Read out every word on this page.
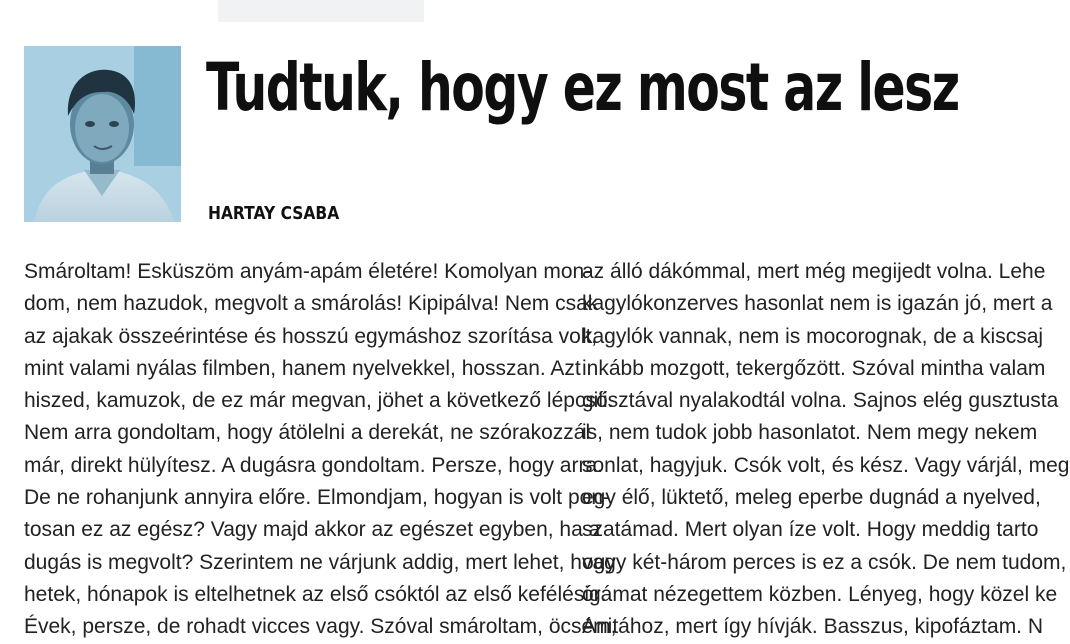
Tudtuk, hogy ez most az lesz
HARTAY CSABA
Smároltam! Esküszöm anyám-apám életére! Komolyan mon-
dom, nem hazudok, megvolt a smárolás! Kipipálva! Nem csak
az ajakak összeérintése és hosszú egymáshoz szorítása volt,
mint valami nyálas filmben, hanem nyelvekkel, hosszan. Azt
hiszed, kamuzok, de ez már megvan, jöhet a következő lépcső.
Nem arra gondoltam, hogy átölelni a derekát, ne szórakozzál
már, direkt hülyítesz. A dugásra gondoltam. Persze, hogy arra.
De ne rohanjunk annyira előre. Elmondjam, hogyan is volt pon-
tosan ez az egész? Vagy majd akkor az egészet egyben, ha a
dugás is megvolt? Szerintem ne várjunk addig, mert lehet, hogy
hetek, hónapok is eltelhetnek az első csóktól az első kefélésig.
Évek, persze, de rohadt vicces vagy. Szóval smároltam, öcsém,
az álló dákómmal, mert még megijedt volna. Lehe
kagylókonzerves hasonlat nem is igazán jó, mert a
kagylók vannak, nem is mocorognak, de a kiscsaj
inkább mozgott, tekergőzött. Szóval mintha valam
gilisztával nyalakodtál volna. Sajnos elég gusztusta
is, nem tudok jobb hasonlatot. Nem megy nekem
sonlat, hagyjuk. Csók volt, és kész. Vagy várjál, meg
egy élő, lüktető, meleg eperbe dugnád a nyelved,
szatámad. Mert olyan íze volt. Hogy meddig tarto
vagy két-három perces is ez a csók. De nem tudom,
órámat nézegettem közben. Lényeg, hogy közel ke
Anitához, mert így hívják. Basszus, kipofáztam. N
